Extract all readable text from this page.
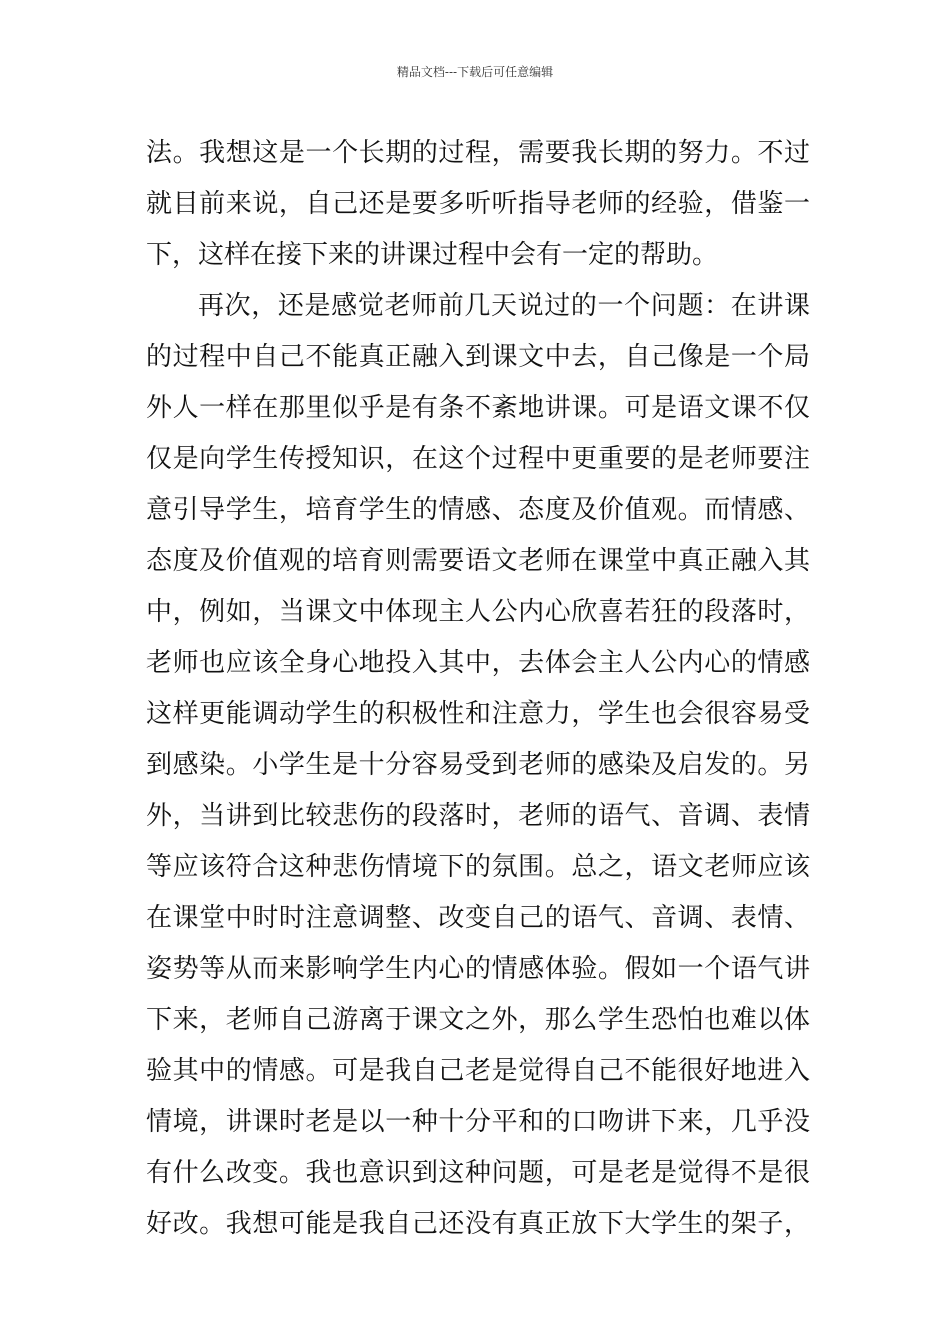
精品文档---下载后可任意编辑
法。我想这是一个长期的过程，需要我长期的努力。不过
就目前来说，自己还是要多听听指导老师的经验，借鉴一
下，这样在接下来的讲课过程中会有一定的帮助。
再次，还是感觉老师前几天说过的一个问题：在讲课
的过程中自己不能真正融入到课文中去，自己像是一个局
外人一样在那里似乎是有条不紊地讲课。可是语文课不仅
仅是向学生传授知识，在这个过程中更重要的是老师要注
意引导学生，培育学生的情感、态度及价值观。而情感、
态度及价值观的培育则需要语文老师在课堂中真正融入其
中，例如，当课文中体现主人公内心欣喜若狂的段落时，
老师也应该全身心地投入其中，去体会主人公内心的情感
这样更能调动学生的积极性和注意力，学生也会很容易受
到感染。小学生是十分容易受到老师的感染及启发的。另
外，当讲到比较悲伤的段落时，老师的语气、音调、表情
等应该符合这种悲伤情境下的氛围。总之，语文老师应该
在课堂中时时注意调整、改变自己的语气、音调、表情、
姿势等从而来影响学生内心的情感体验。假如一个语气讲
下来，老师自己游离于课文之外，那么学生恐怕也难以体
验其中的情感。可是我自己老是觉得自己不能很好地进入
情境，讲课时老是以一种十分平和的口吻讲下来，几乎没
有什么改变。我也意识到这种问题，可是老是觉得不是很
好改。我想可能是我自己还没有真正放下大学生的架子，
